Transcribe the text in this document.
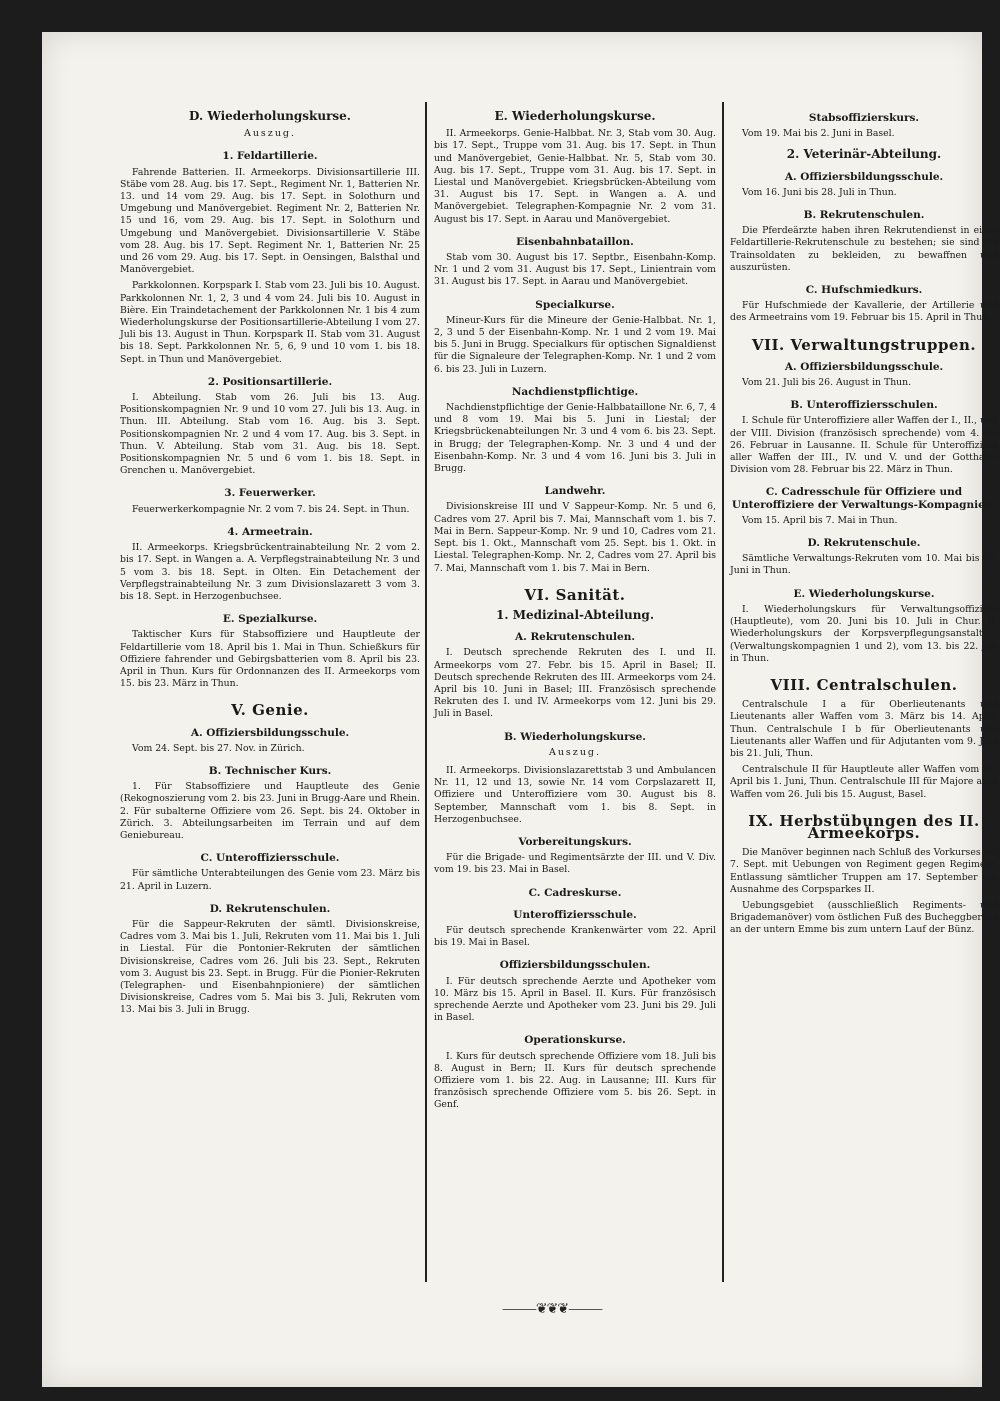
D. Wiederholungskurse.
Auszug.
1. Feldartillerie.

Fahrende Batterien. II. Armeekorps. Divisionsartillerie III. Stäbe vom 28. Aug. bis 17. Sept., Regiment Nr. 1, Batterien Nr. 13. und 14 vom 29. Aug. bis 17. Sept. in Solothurn und Umgebung und Manövergebiet. Regiment Nr. 2, Batterien Nr. 15 und 16, vom 29. Aug. bis 17. Sept. in Solothurn und Umgebung und Manövergebiet. Divisionsartillerie V. Stäbe vom 28. Aug. bis 17. Sept. Regiment Nr. 1, Batterien Nr. 25 und 26 vom 29. Aug. bis 17. Sept. in Oensingen, Balsthal und Manövergebiet.

Parkkolonnen. Korpspark I. Stab vom 23. Juli bis 10. August. Parkkolonnen Nr. 1, 2, 3 und 4 vom 24. Juli bis 10. August in Bière. Ein Traindetachement der Parkkolonnen Nr. 1 bis 4 zum Wiederholungskurse der Positionsartillerie-Abteilung I vom 27. Juli bis 13. August in Thun. Korpspark II. Stab vom 31. August bis 18. Sept. Parkkolonnen Nr. 5, 6, 9 und 10 vom 1. bis 18. Sept. in Thun und Manövergebiet.

2. Positionsartillerie.

I. Abteilung. Stab vom 26. Juli bis 13. Aug. Positionskompagnien Nr. 9 und 10 vom 27. Juli bis 13. Aug. in Thun. III. Abteilung. Stab vom 16. Aug. bis 3. Sept. Positionskompagnien Nr. 2 und 4 vom 17. Aug. bis 3. Sept. in Thun. V. Abteilung. Stab vom 31. Aug. bis 18. Sept. Positionskompagnien Nr. 5 und 6 vom 1. bis 18. Sept. in Grenchen u. Manövergebiet.

3. Feuerwerker.

Feuerwerkerkompagnie Nr. 2 vom 7. bis 24. Sept. in Thun.

4. Armeetrain.

II. Armeekorps. Kriegsbrückentrainabteilung Nr. 2 vom 2. bis 17. Sept. in Wangen a. A. Verpflegstrainabteilung Nr. 3 und 5 vom 3. bis 18. Sept. in Olten. Ein Detachement der Verpflegstrainabteilung Nr. 3 zum Divisionslazarett 3 vom 3. bis 18. Sept. in Herzogenbuchsee.

E. Spezialkurse.

Taktischer Kurs für Stabsoffiziere und Hauptleute der Feldartillerie vom 18. April bis 1. Mai in Thun. Schießkurs für Offiziere fahrender und Gebirgsbatterien vom 8. April bis 23. April in Thun. Kurs für Ordonnanzen des II. Armeekorps vom 15. bis 23. März in Thun.

V. Genie.
A. Offiziersbildungsschule.

Vom 24. Sept. bis 27. Nov. in Zürich.

B. Technischer Kurs.

1. Für Stabsoffiziere und Hauptleute des Genie (Rekognoszierung vom 2. bis 23. Juni in Brugg-Aare und Rhein. 2. Für subalterne Offiziere vom 26. Sept. bis 24. Oktober in Zürich. 3. Abteilungsarbeiten im Terrain und auf dem Geniebureau.

C. Unteroffiziersschule.

Für sämtliche Unterabteilungen des Genie vom 23. März bis 21. April in Luzern.

D. Rekrutenschulen.

Für die Sappeur-Rekruten der sämtl. Divisionskreise, Cadres vom 3. Mai bis 1. Juli, Rekruten vom 11. Mai bis 1. Juli in Liestal. Für die Pontonier-Rekruten der sämtlichen Divisionskreise, Cadres vom 26. Juli bis 23. Sept., Rekruten vom 3. August bis 23. Sept. in Brugg. Für die Pionier-Rekruten (Telegraphen- und Eisenbahnpioniere) der sämtlichen Divisionskreise, Cadres vom 5. Mai bis 3. Juli, Rekruten vom 13. Mai bis 3. Juli in Brugg.

E. Wiederholungskurse.

II. Armeekorps. Genie-Halbbat. Nr. 3, Stab vom 30. Aug. bis 17. Sept., Truppe vom 31. Aug. bis 17. Sept. in Thun und Manövergebiet, Genie-Halbbat. Nr. 5, Stab vom 30. Aug. bis 17. Sept., Truppe vom 31. Aug. bis 17. Sept. in Liestal und Manövergebiet. Kriegsbrücken-Abteilung vom 31. August bis 17. Sept. in Wangen a. A. und Manövergebiet. Telegraphen-Kompagnie Nr. 2 vom 31. August bis 17. Sept. in Aarau und Manövergebiet.

Eisenbahnbataillon.

Stab vom 30. August bis 17. Septbr., Eisenbahn-Komp. Nr. 1 und 2 vom 31. August bis 17. Sept., Linientrain vom 31. August bis 17. Sept. in Aarau und Manövergebiet.

Specialkurse.

Mineur-Kurs für die Mineure der Genie-Halbbat. Nr. 1, 2, 3 und 5 der Eisenbahn-Komp. Nr. 1 und 2 vom 19. Mai bis 5. Juni in Brugg. Specialkurs für optischen Signaldienst für die Signaleure der Telegraphen-Komp. Nr. 1 und 2 vom 6. bis 23. Juli in Luzern.

Nachdienstpflichtige.

Nachdienstpflichtige der Genie-Halbbataillone Nr. 6, 7, 4 und 8 vom 19. Mai bis 5. Juni in Liestal; der Kriegsbrückenabteilungen Nr. 3 und 4 vom 6. bis 23. Sept. in Brugg; der Telegraphen-Komp. Nr. 3 und 4 und der Eisenbahn-Komp. Nr. 3 und 4 vom 16. Juni bis 3. Juli in Brugg.

Landwehr.

Divisionskreise III und V Sappeur-Komp. Nr. 5 und 6, Cadres vom 27. April bis 7. Mai, Mannschaft vom 1. bis 7. Mai in Bern. Sappeur-Komp. Nr. 9 und 10, Cadres vom 21. Sept. bis 1. Okt., Mannschaft vom 25. Sept. bis 1. Okt. in Liestal. Telegraphen-Komp. Nr. 2, Cadres vom 27. April bis 7. Mai, Mannschaft vom 1. bis 7. Mai in Bern.

VI. Sanität.
1. Medizinal-Abteilung.
A. Rekrutenschulen.

I. Deutsch sprechende Rekruten des I. und II. Armeekorps vom 27. Febr. bis 15. April in Basel; II. Deutsch sprechende Rekruten des III. Armeekorps vom 24. April bis 10. Juni in Basel; III. Französisch sprechende Rekruten des I. und IV. Armeekorps vom 12. Juni bis 29. Juli in Basel.

B. Wiederholungskurse.
Auszug.

II. Armeekorps. Divisionslazarettstab 3 und Ambulancen Nr. 11, 12 und 13, sowie Nr. 14 vom Corpslazarett II, Offiziere und Unteroffiziere vom 30. August bis 8. September, Mannschaft vom 1. bis 8. Sept. in Herzogenbuchsee.

Vorbereitungskurs.

Für die Brigade- und Regimentsärzte der III. und V. Div. vom 19. bis 23. Mai in Basel.

C. Cadreskurse.
Unteroffiziersschule.

Für deutsch sprechende Krankenwärter vom 22. April bis 19. Mai in Basel.

Offiziersbildungsschulen.

I. Für deutsch sprechende Aerzte und Apotheker vom 10. März bis 15. April in Basel. II. Kurs. Für französisch sprechende Aerzte und Apotheker vom 23. Juni bis 29. Juli in Basel.

Operationskurse.

I. Kurs für deutsch sprechende Offiziere vom 18. Juli bis 8. August in Bern; II. Kurs für deutsch sprechende Offiziere vom 1. bis 22. Aug. in Lausanne; III. Kurs für französisch sprechende Offiziere vom 5. bis 26. Sept. in Genf.

Stabsoffizierskurs.

Vom 19. Mai bis 2. Juni in Basel.

2. Veterinär-Abteilung.
A. Offiziersbildungsschule.

Vom 16. Juni bis 28. Juli in Thun.

B. Rekrutenschulen.

Die Pferdeärzte haben ihren Rekrutendienst in einer Feldartillerie-Rekrutenschule zu bestehen; sie sind als Trainsoldaten zu bekleiden, zu bewaffnen und auszurüsten.

C. Hufschmiedkurs.

Für Hufschmiede der Kavallerie, der Artillerie und des Armeetrains vom 19. Februar bis 15. April in Thun.

VII. Verwaltungstruppen.
A. Offiziersbildungsschule.

Vom 21. Juli bis 26. August in Thun.

B. Unteroffiziersschulen.

I. Schule für Unteroffiziere aller Waffen der I., II., und der VIII. Division (französisch sprechende) vom 4. bis 26. Februar in Lausanne. II. Schule für Unteroffiziere aller Waffen der III., IV. und V. und der Gotthard-Division vom 28. Februar bis 22. März in Thun.

C. Cadresschule für Offiziere und Unteroffiziere der Verwaltungs-Kompagnien.

Vom 15. April bis 7. Mai in Thun.

D. Rekrutenschule.

Sämtliche Verwaltungs-Rekruten vom 10. Mai bis 18. Juni in Thun.

E. Wiederholungskurse.

I. Wiederholungskurs für Verwaltungsoffiziere (Hauptleute), vom 20. Juni bis 10. Juli in Chur. II. Wiederholungskurs der Korpsverpflegungsanstalt I (Verwaltungskompagnien 1 und 2), vom 13. bis 22. Juli in Thun.

VIII. Centralschulen.

Centralschule I a für Oberlieutenants und Lieutenants aller Waffen vom 3. März bis 14. April, Thun. Centralschule I b für Oberlieutenants und Lieutenants aller Waffen und für Adjutanten vom 9. Juni bis 21. Juli, Thun.

Centralschule II für Hauptleute aller Waffen vom 21. April bis 1. Juni, Thun. Centralschule III für Majore aller Waffen vom 26. Juli bis 15. August, Basel.

IX. Herbstübungen des II. Armeekorps.

Die Manöver beginnen nach Schluß des Vorkurses am 7. Sept. mit Uebungen von Regiment gegen Regiment. Entlassung sämtlicher Truppen am 17. September mit Ausnahme des Corpsparkes II.

Uebungsgebiet (ausschließlich Regiments- und Brigademanöver) vom östlichen Fuß des Bucheggberges an der untern Emme bis zum untern Lauf der Bünz.

⸻❦❦❦⸻
